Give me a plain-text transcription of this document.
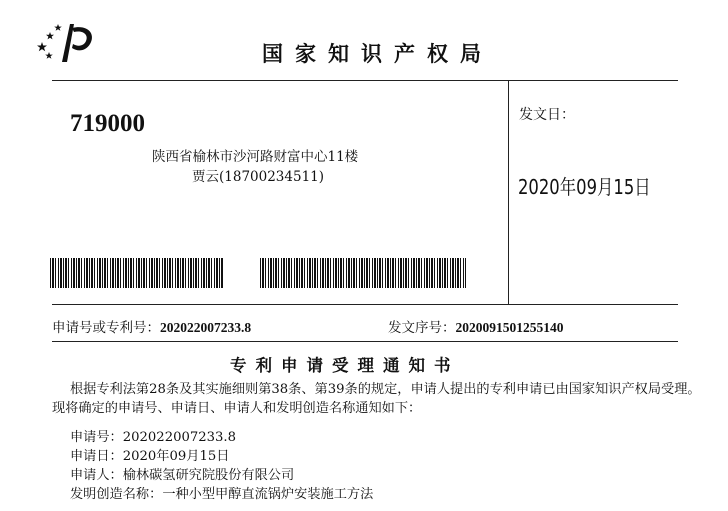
国家知识产权局
719000
陕西省榆林市沙河路财富中心11楼
贾云(18700234511)
发文日：
2020年09月15日
申请号或专利号：202022007233.8	发文序号：2020091501255140
专利申请受理通知书
根据专利法第28条及其实施细则第38条、第39条的规定，申请人提出的专利申请已由国家知识产权局受理。现将确定的申请号、申请日、申请人和发明创造名称通知如下：
申请号：202022007233.8
申请日：2020年09月15日
申请人：榆林碳氢研究院股份有限公司
发明创造名称：一种小型甲醇直流锅炉安装施工方法
